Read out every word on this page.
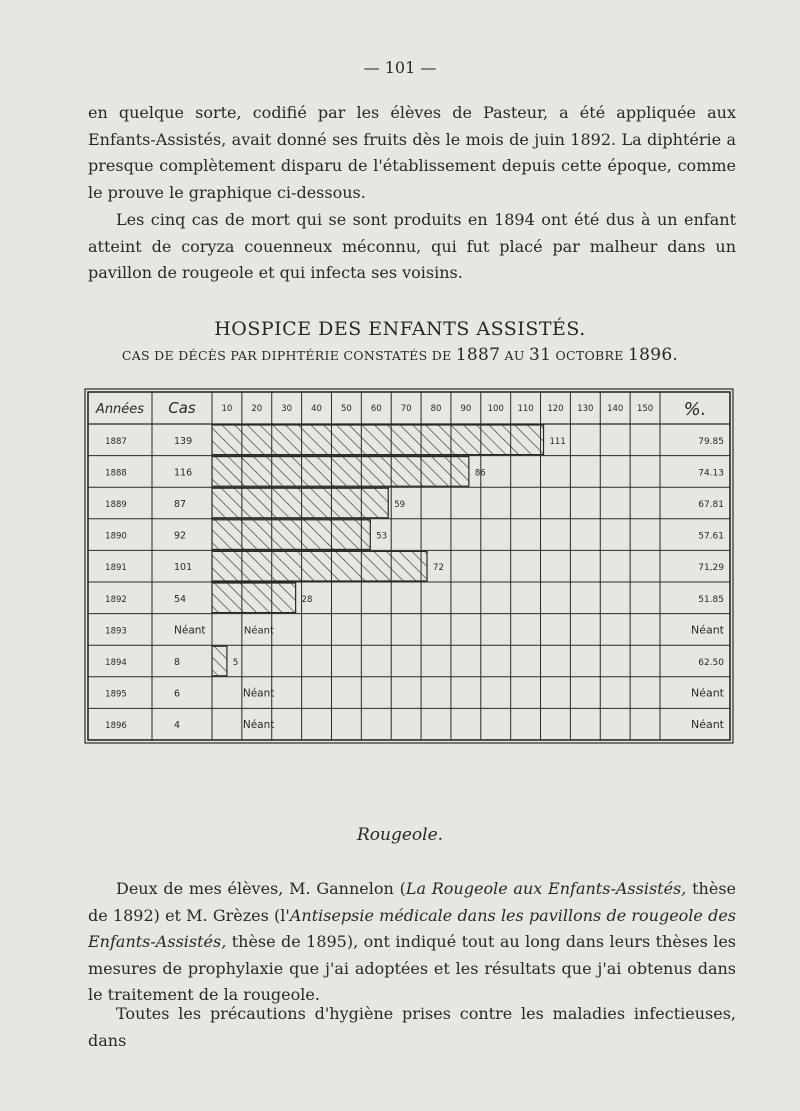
— 101 —

en quelque sorte, codifié par les élèves de Pasteur, a été appliquée aux Enfants-Assistés, avait donné ses fruits dès le mois de juin 1892. La diphtérie a presque complètement disparu de l'établissement depuis cette époque, comme le prouve le graphique ci-dessous.

Les cinq cas de mort qui se sont produits en 1894 ont été dus à un enfant atteint de coryza couenneux méconnu, qui fut placé par malheur dans un pavillon de rougeole et qui infecta ses voisins.

HOSPICE DES ENFANTS ASSISTÉS.
CAS DE DÉCÈS PAR DIPHTÉRIE CONSTATÉS DE 1887 AU 31 OCTOBRE 1896.
Années Cas	10 20 30 40 50 60 70 80 90 100 110 120 130 140 150 %.
1887	139	111	79.85
1888	116	86	74.13
1889	87	59	67.81
1890	92	53	57.61
1891	101	72	71,29
1892	54	28	51.85
1893	Néant	Néant	Néant
1894	8	5	62.50
1895	6	Néant	Néant
1896	4	Néant	Néant
Rougeole.

Deux de mes élèves, M. Gannelon (La Rougeole aux Enfants-Assistés, thèse de 1892) et M. Grèzes (l'Antisepsie médicale dans les pavillons de rougeole des Enfants-Assistés, thèse de 1895), ont indiqué tout au long dans leurs thèses les mesures de prophylaxie que j'ai adoptées et les résultats que j'ai obtenus dans le traitement de la rougeole.

Toutes les précautions d'hygiène prises contre les maladies infectieuses, dans
